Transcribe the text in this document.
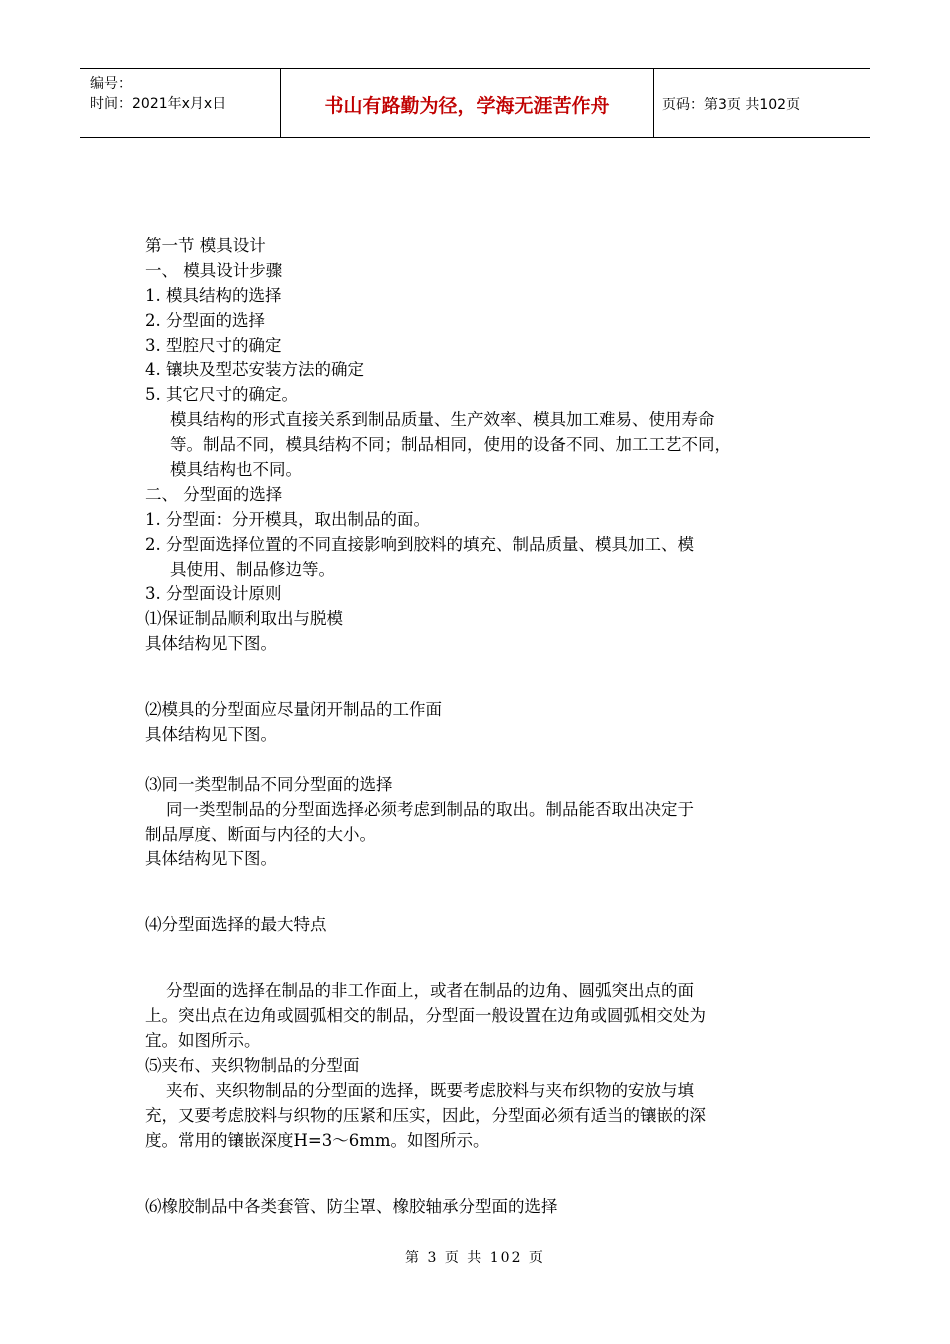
编号：
时间：2021年x月x日	书山有路勤为径，学海无涯苦作舟	页码：第3页 共102页
第一节 模具设计
一、 模具设计步骤
1. 模具结构的选择
2. 分型面的选择
3. 型腔尺寸的确定
4. 镶块及型芯安装方法的确定
5. 其它尺寸的确定。
模具结构的形式直接关系到制品质量、生产效率、模具加工难易、使用寿命
等。制品不同，模具结构不同；制品相同，使用的设备不同、加工工艺不同，
模具结构也不同。
二、 分型面的选择
1. 分型面：分开模具，取出制品的面。
2. 分型面选择位置的不同直接影响到胶料的填充、制品质量、模具加工、模
具使用、制品修边等。
3. 分型面设计原则
⑴保证制品顺利取出与脱模
具体结构见下图。
⑵模具的分型面应尽量闭开制品的工作面
具体结构见下图。
⑶同一类型制品不同分型面的选择
同一类型制品的分型面选择必须考虑到制品的取出。制品能否取出决定于
制品厚度、断面与内径的大小。
具体结构见下图。
⑷分型面选择的最大特点
分型面的选择在制品的非工作面上，或者在制品的边角、圆弧突出点的面
上。突出点在边角或圆弧相交的制品，分型面一般设置在边角或圆弧相交处为
宜。如图所示。
⑸夹布、夹织物制品的分型面
夹布、夹织物制品的分型面的选择，既要考虑胶料与夹布织物的安放与填
充，又要考虑胶料与织物的压紧和压实，因此，分型面必须有适当的镶嵌的深
度。常用的镶嵌深度H=3～6mm。如图所示。
⑹橡胶制品中各类套管、防尘罩、橡胶轴承分型面的选择
第 3 页 共 102 页
